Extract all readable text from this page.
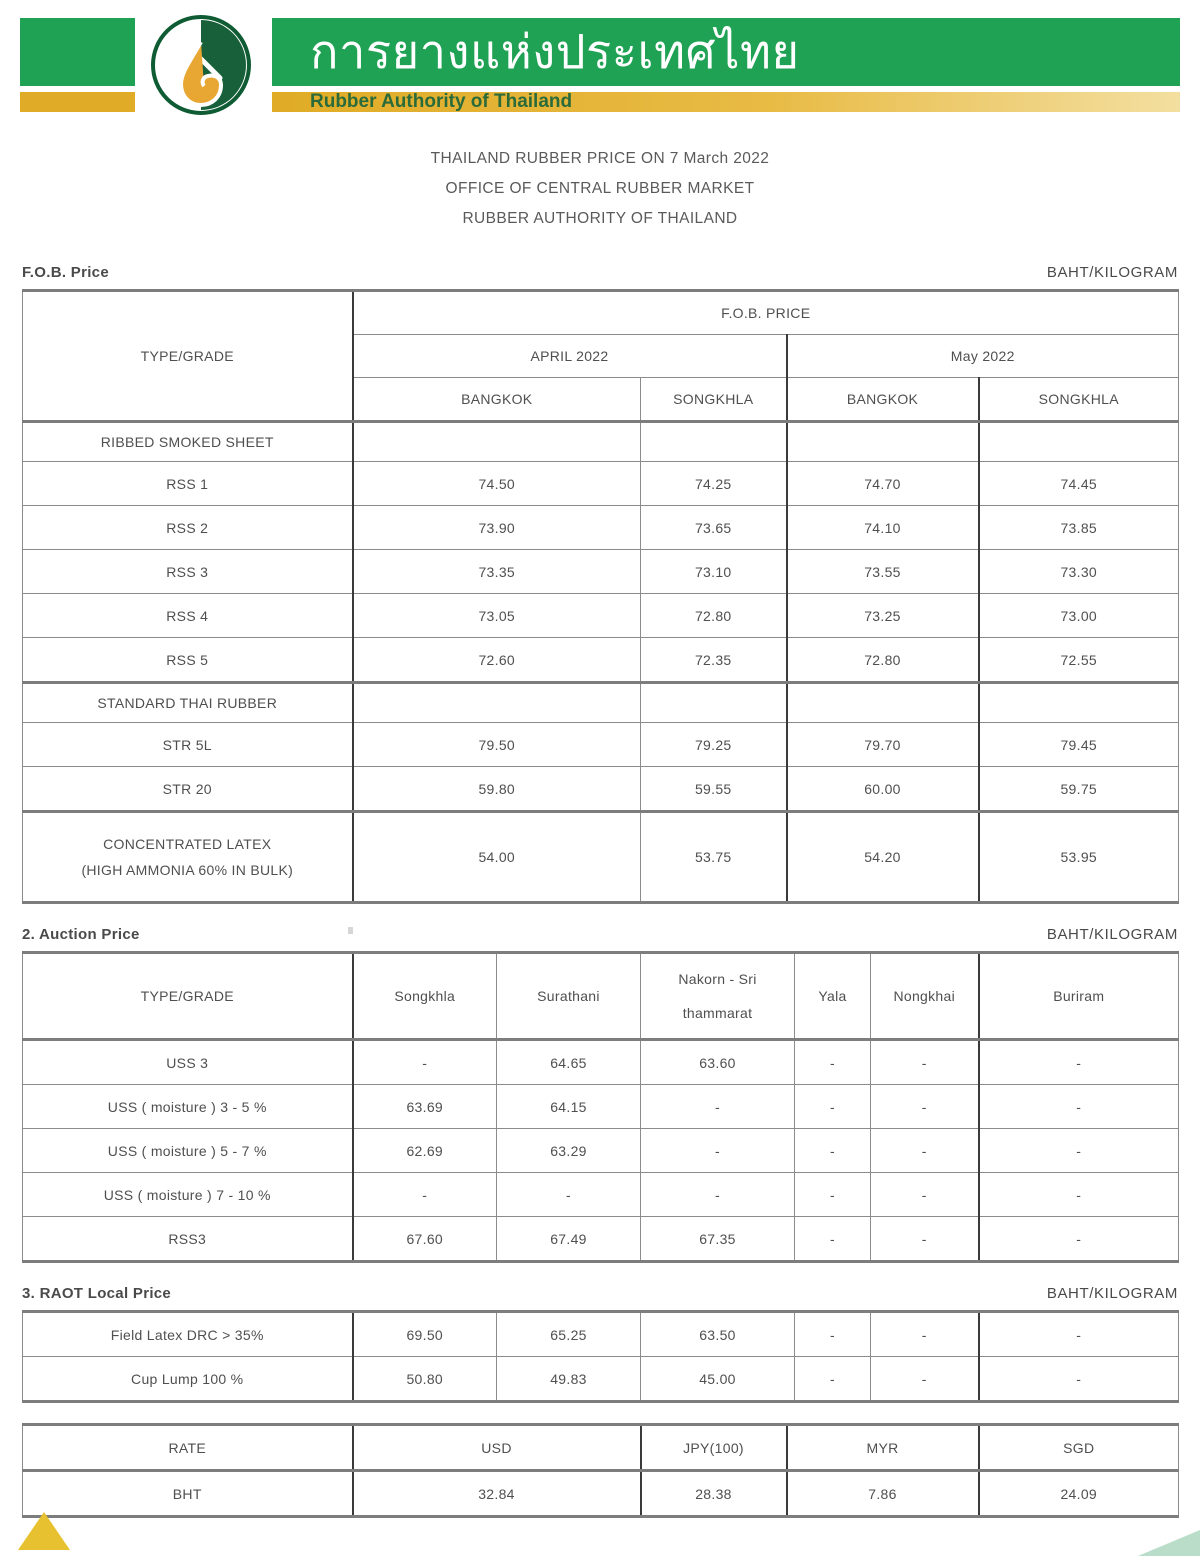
การยางแห่งประเทศไทย
Rubber Authority of Thailand
THAILAND RUBBER PRICE ON 7 March 2022
OFFICE OF CENTRAL RUBBER MARKET
RUBBER AUTHORITY OF THAILAND
F.O.B. Price	BAHT/KILOGRAM
TYPE/GRADE	F.O.B. PRICE			
	APRIL 2022		May 2022	
	BANGKOK	SONGKHLA	BANGKOK	SONGKHLA
RIBBED SMOKED SHEET				
RSS 1	74.50	74.25	74.70	74.45
RSS 2	73.90	73.65	74.10	73.85
RSS 3	73.35	73.10	73.55	73.30
RSS 4	73.05	72.80	73.25	73.00
RSS 5	72.60	72.35	72.80	72.55
STANDARD THAI RUBBER				
STR 5L	79.50	79.25	79.70	79.45
STR 20	59.80	59.55	60.00	59.75

CONCENTRATED LATEX
(HIGH AMMONIA 60% IN BULK)	54.00	53.75	54.20	53.95
2. Auction Price	BAHT/KILOGRAM
TYPE/GRADE	Songkhla	Surathani	Nakorn - Sri
thammarat	Yala	Nongkhai	Buriram
USS 3	-	64.65	63.60	-	-	-
USS ( moisture ) 3 - 5 %	63.69	64.15	-	-	-	-
USS ( moisture ) 5 - 7 %	62.69	63.29	-	-	-	-
USS ( moisture ) 7 - 10 %	-	-	-	-	-	-
RSS3	67.60	67.49	67.35	-	-	-
3. RAOT Local Price	BAHT/KILOGRAM
Field Latex DRC > 35%	69.50	65.25	63.50	-	-	-
Cup Lump 100 %	50.80	49.83	45.00	-	-	-
RATE	USD	JPY(100)	MYR	SGD
BHT	32.84	28.38	7.86	24.09
